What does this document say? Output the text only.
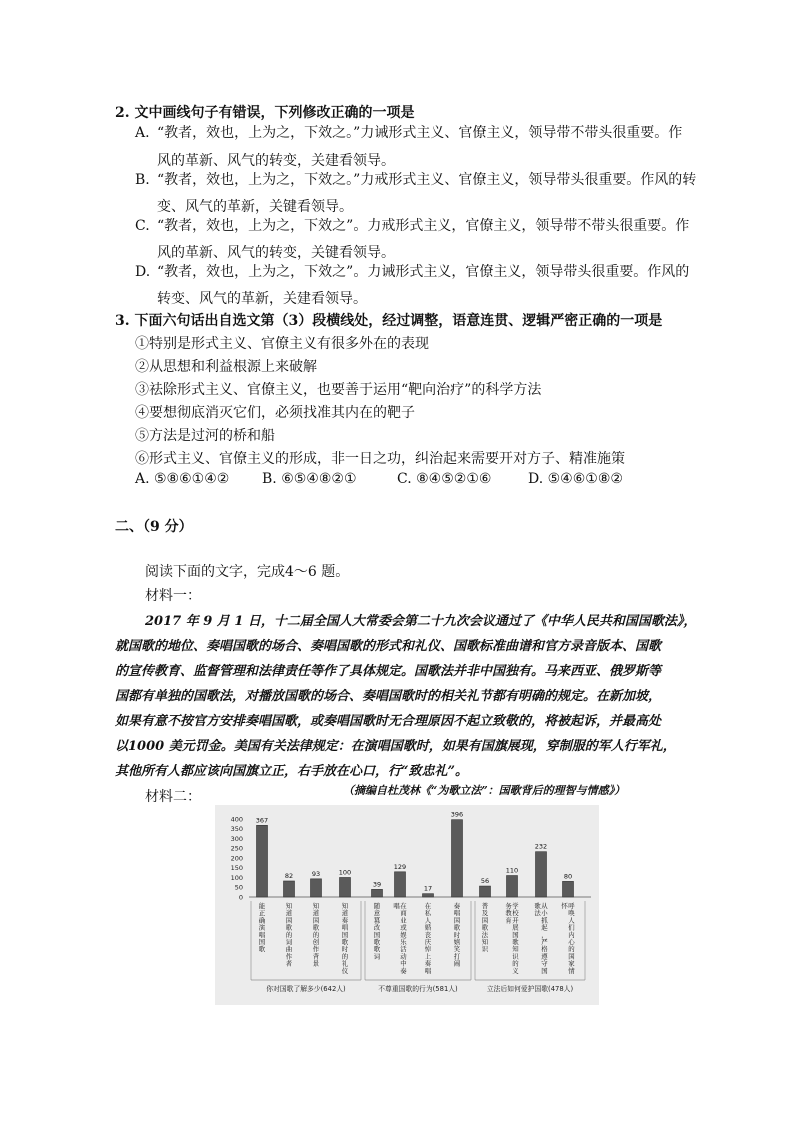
2. 文中画线句子有错误，下列修改正确的一项是
A. “教者，效也，上为之，下效之。”力诫形式主义、官僚主义，领导带不带头很重要。作
风的革新、风气的转变，关建看领导。
B. “教者，效也，上为之，下效之。”力戒形式主义、官僚主义，领导带头很重要。作风的转
变、风气的革新，关键看领导。
C. “教者，效也，上为之，下效之”。力戒形式主义，官僚主义，领导带不带头很重要。作
风的革新、风气的转变，关键看领导。
D. “教者，效也，上为之，下效之”。力诫形式主义，官僚主义，领导带头很重要。作风的
转变、风气的革新，关建看领导。
3. 下面六句话出自选文第（3）段横线处，经过调整，语意连贯、逻辑严密正确的一项是
①特别是形式主义、官僚主义有很多外在的表现
②从思想和利益根源上来破解
③祛除形式主义、官僚主义，也要善于运用“靶向治疗”的科学方法
④要想彻底消灭它们，必须找准其内在的靶子
⑤方法是过河的桥和船
⑥形式主义、官僚主义的形成，非一日之功，纠治起来需要开对方子、精准施策
A. ⑤⑧⑥①④② B. ⑥⑤④⑧②①	C. ⑧④⑤②①⑥	D. ⑤④⑥①⑧②
二、（9 分）
阅读下面的文字，完成4～6 题。
材料一：
2017 年 9 月 1 日，十二届全国人大常委会第二十九次会议通过了《中华人民共和国国歌法》，
就国歌的地位、奏唱国歌的场合、奏唱国歌的形式和礼仪、国歌标准曲谱和官方录音版本、国歌
的宣传教育、监督管理和法律责任等作了具体规定。国歌法并非中国独有。马来西亚、俄罗斯等
国都有单独的国歌法，对播放国歌的场合、奏唱国歌时的相关礼节都有明确的规定。在新加坡，
如果有意不按官方安排奏唱国歌，或奏唱国歌时无合理原因不起立致敬的，将被起诉，并最高处
以1000 美元罚金。美国有关法律规定：在演唱国歌时，如果有国旗展现，穿制服的军人行军礼，
其他所有人都应该向国旗立正，右手放在心口，行“致忠礼”。
（摘编自杜茂林《“为歌立法”：国歌背后的理智与情感》）
材料二：
0
50
100
150
200
250
300
350
400 367
能
正
确
演
唱
国
歌
82
知
道
国
歌
的
词
曲
作
者
93
知
道
国
歌
的
创
作
背
景
100
知
道
奏
唱
国
歌
时
的
礼
仪
39
随
意
篡
改
国
歌
歌
词
129
在
商
业
或
娱
乐
活
动
中
奏
唱
17
在
私
人
婚
丧
庆
悼
上
奏
唱
396
奏
唱
国
歌
时
嬉
笑
打
闹
56
普
及
国
歌
法
知
识
110
学
校
开
展
国
歌
知
识
的
义
务
教
育
232
从
小
抓
起
，
严
格
遵
守
国
歌
法
80
呼
唤
人
们
内
心
的
国
家
情
怀
你对国歌了解多少(642人)	不尊重国歌的行为(581人)	立法后如何爱护国歌(478人)
